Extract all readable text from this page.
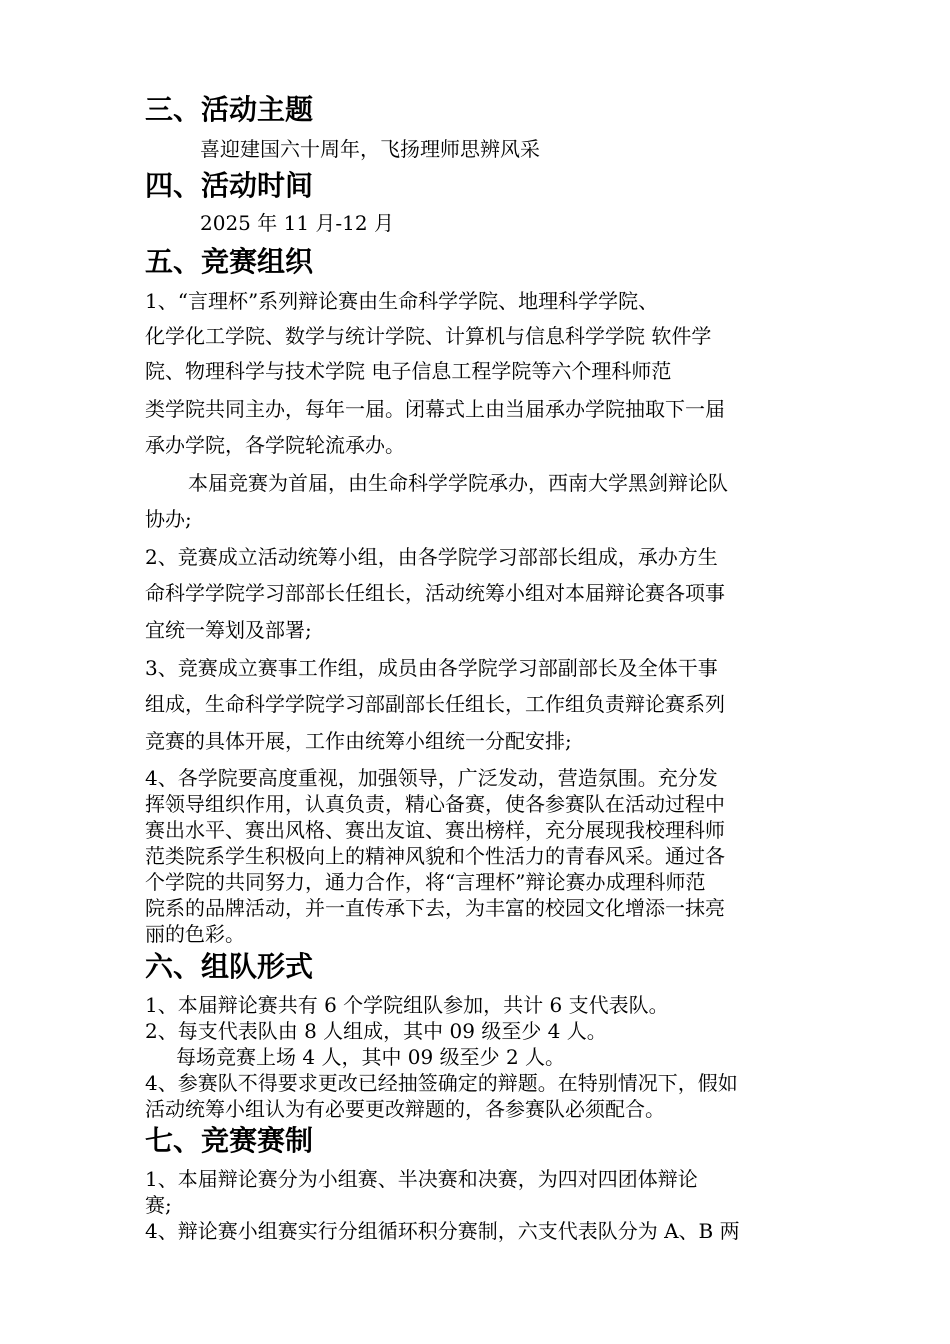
三、活动主题
喜迎建国六十周年，飞扬理师思辨风采
四、活动时间
2025 年 11 月-12 月
五、竞赛组织
1、“言理杯”系列辩论赛由生命科学学院、地理科学学院、
化学化工学院、数学与统计学院、计算机与信息科学学院 软件学
院、物理科学与技术学院 电子信息工程学院等六个理科师范
类学院共同主办，每年一届。闭幕式上由当届承办学院抽取下一届
承办学院，各学院轮流承办。
本届竞赛为首届，由生命科学学院承办，西南大学黑剑辩论队
协办;
2、竞赛成立活动统筹小组，由各学院学习部部长组成，承办方生
命科学学院学习部部长任组长，活动统筹小组对本届辩论赛各项事
宜统一筹划及部署;
3、竞赛成立赛事工作组，成员由各学院学习部副部长及全体干事
组成，生命科学学院学习部副部长任组长，工作组负责辩论赛系列
竞赛的具体开展，工作由统筹小组统一分配安排;
4、各学院要高度重视，加强领导，广泛发动，营造氛围。充分发
挥领导组织作用，认真负责，精心备赛，使各参赛队在活动过程中
赛出水平、赛出风格、赛出友谊、赛出榜样，充分展现我校理科师
范类院系学生积极向上的精神风貌和个性活力的青春风采。通过各
个学院的共同努力，通力合作，将“言理杯”辩论赛办成理科师范
院系的品牌活动，并一直传承下去，为丰富的校园文化增添一抹亮
丽的色彩。
六、组队形式
1、本届辩论赛共有 6 个学院组队参加，共计 6 支代表队。
2、每支代表队由 8 人组成，其中 09 级至少 4 人。
每场竞赛上场 4 人，其中 09 级至少 2 人。
4、参赛队不得要求更改已经抽签确定的辩题。在特别情况下，假如
活动统筹小组认为有必要更改辩题的，各参赛队必须配合。
七、竞赛赛制
1、本届辩论赛分为小组赛、半决赛和决赛，为四对四团体辩论
赛;
4、辩论赛小组赛实行分组循环积分赛制，六支代表队分为 A、B 两
